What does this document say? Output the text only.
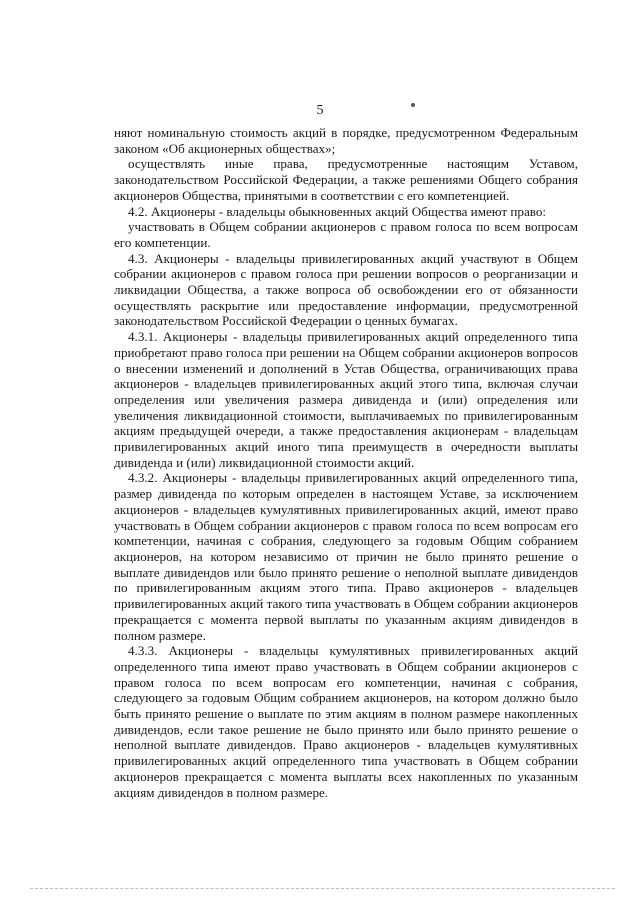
5

няют номинальную стоимость акций в порядке, предусмотренном Федеральным законом «Об акционерных обществах»;

осуществлять иные права, предусмотренные настоящим Уставом, законодательством Российской Федерации, а также решениями Общего собрания акционеров Общества, принятыми в соответствии с его компетенцией.

4.2. Акционеры - владельцы обыкновенных акций Общества имеют право:

участвовать в Общем собрании акционеров с правом голоса по всем вопросам его компетенции.

4.3. Акционеры - владельцы привилегированных акций участвуют в Общем собрании акционеров с правом голоса при решении вопросов о реорганизации и ликвидации Общества, а также вопроса об освобождении его от обязанности осуществлять раскрытие или предоставление информации, предусмотренной законодательством Российской Федерации о ценных бумагах.

4.3.1. Акционеры - владельцы привилегированных акций определенного типа приобретают право голоса при решении на Общем собрании акционеров вопросов о внесении изменений и дополнений в Устав Общества, ограничивающих права акционеров - владельцев привилегированных акций этого типа, включая случаи определения или увеличения размера дивиденда и (или) определения или увеличения ликвидационной стоимости, выплачиваемых по привилегированным акциям предыдущей очереди, а также предоставления акционерам - владельцам привилегированных акций иного типа преимуществ в очередности выплаты дивиденда и (или) ликвидационной стоимости акций.

4.3.2. Акционеры - владельцы привилегированных акций определенного типа, размер дивиденда по которым определен в настоящем Уставе, за исключением акционеров - владельцев кумулятивных привилегированных акций, имеют право участвовать в Общем собрании акционеров с правом голоса по всем вопросам его компетенции, начиная с собрания, следующего за годовым Общим собранием акционеров, на котором независимо от причин не было принято решение о выплате дивидендов или было принято решение о неполной выплате дивидендов по привилегированным акциям этого типа. Право акционеров - владельцев привилегированных акций такого типа участвовать в Общем собрании акционеров прекращается с момента первой выплаты по указанным акциям дивидендов в полном размере.

4.3.3. Акционеры - владельцы кумулятивных привилегированных акций определенного типа имеют право участвовать в Общем собрании акционеров с правом голоса по всем вопросам его компетенции, начиная с собрания, следующего за годовым Общим собранием акционеров, на котором должно было быть принято решение о выплате по этим акциям в полном размере накопленных дивидендов, если такое решение не было принято или было принято решение о неполной выплате дивидендов. Право акционеров - владельцев кумулятивных привилегированных акций определенного типа участвовать в Общем собрании акционеров прекращается с момента выплаты всех накопленных по указанным акциям дивидендов в полном размере.
